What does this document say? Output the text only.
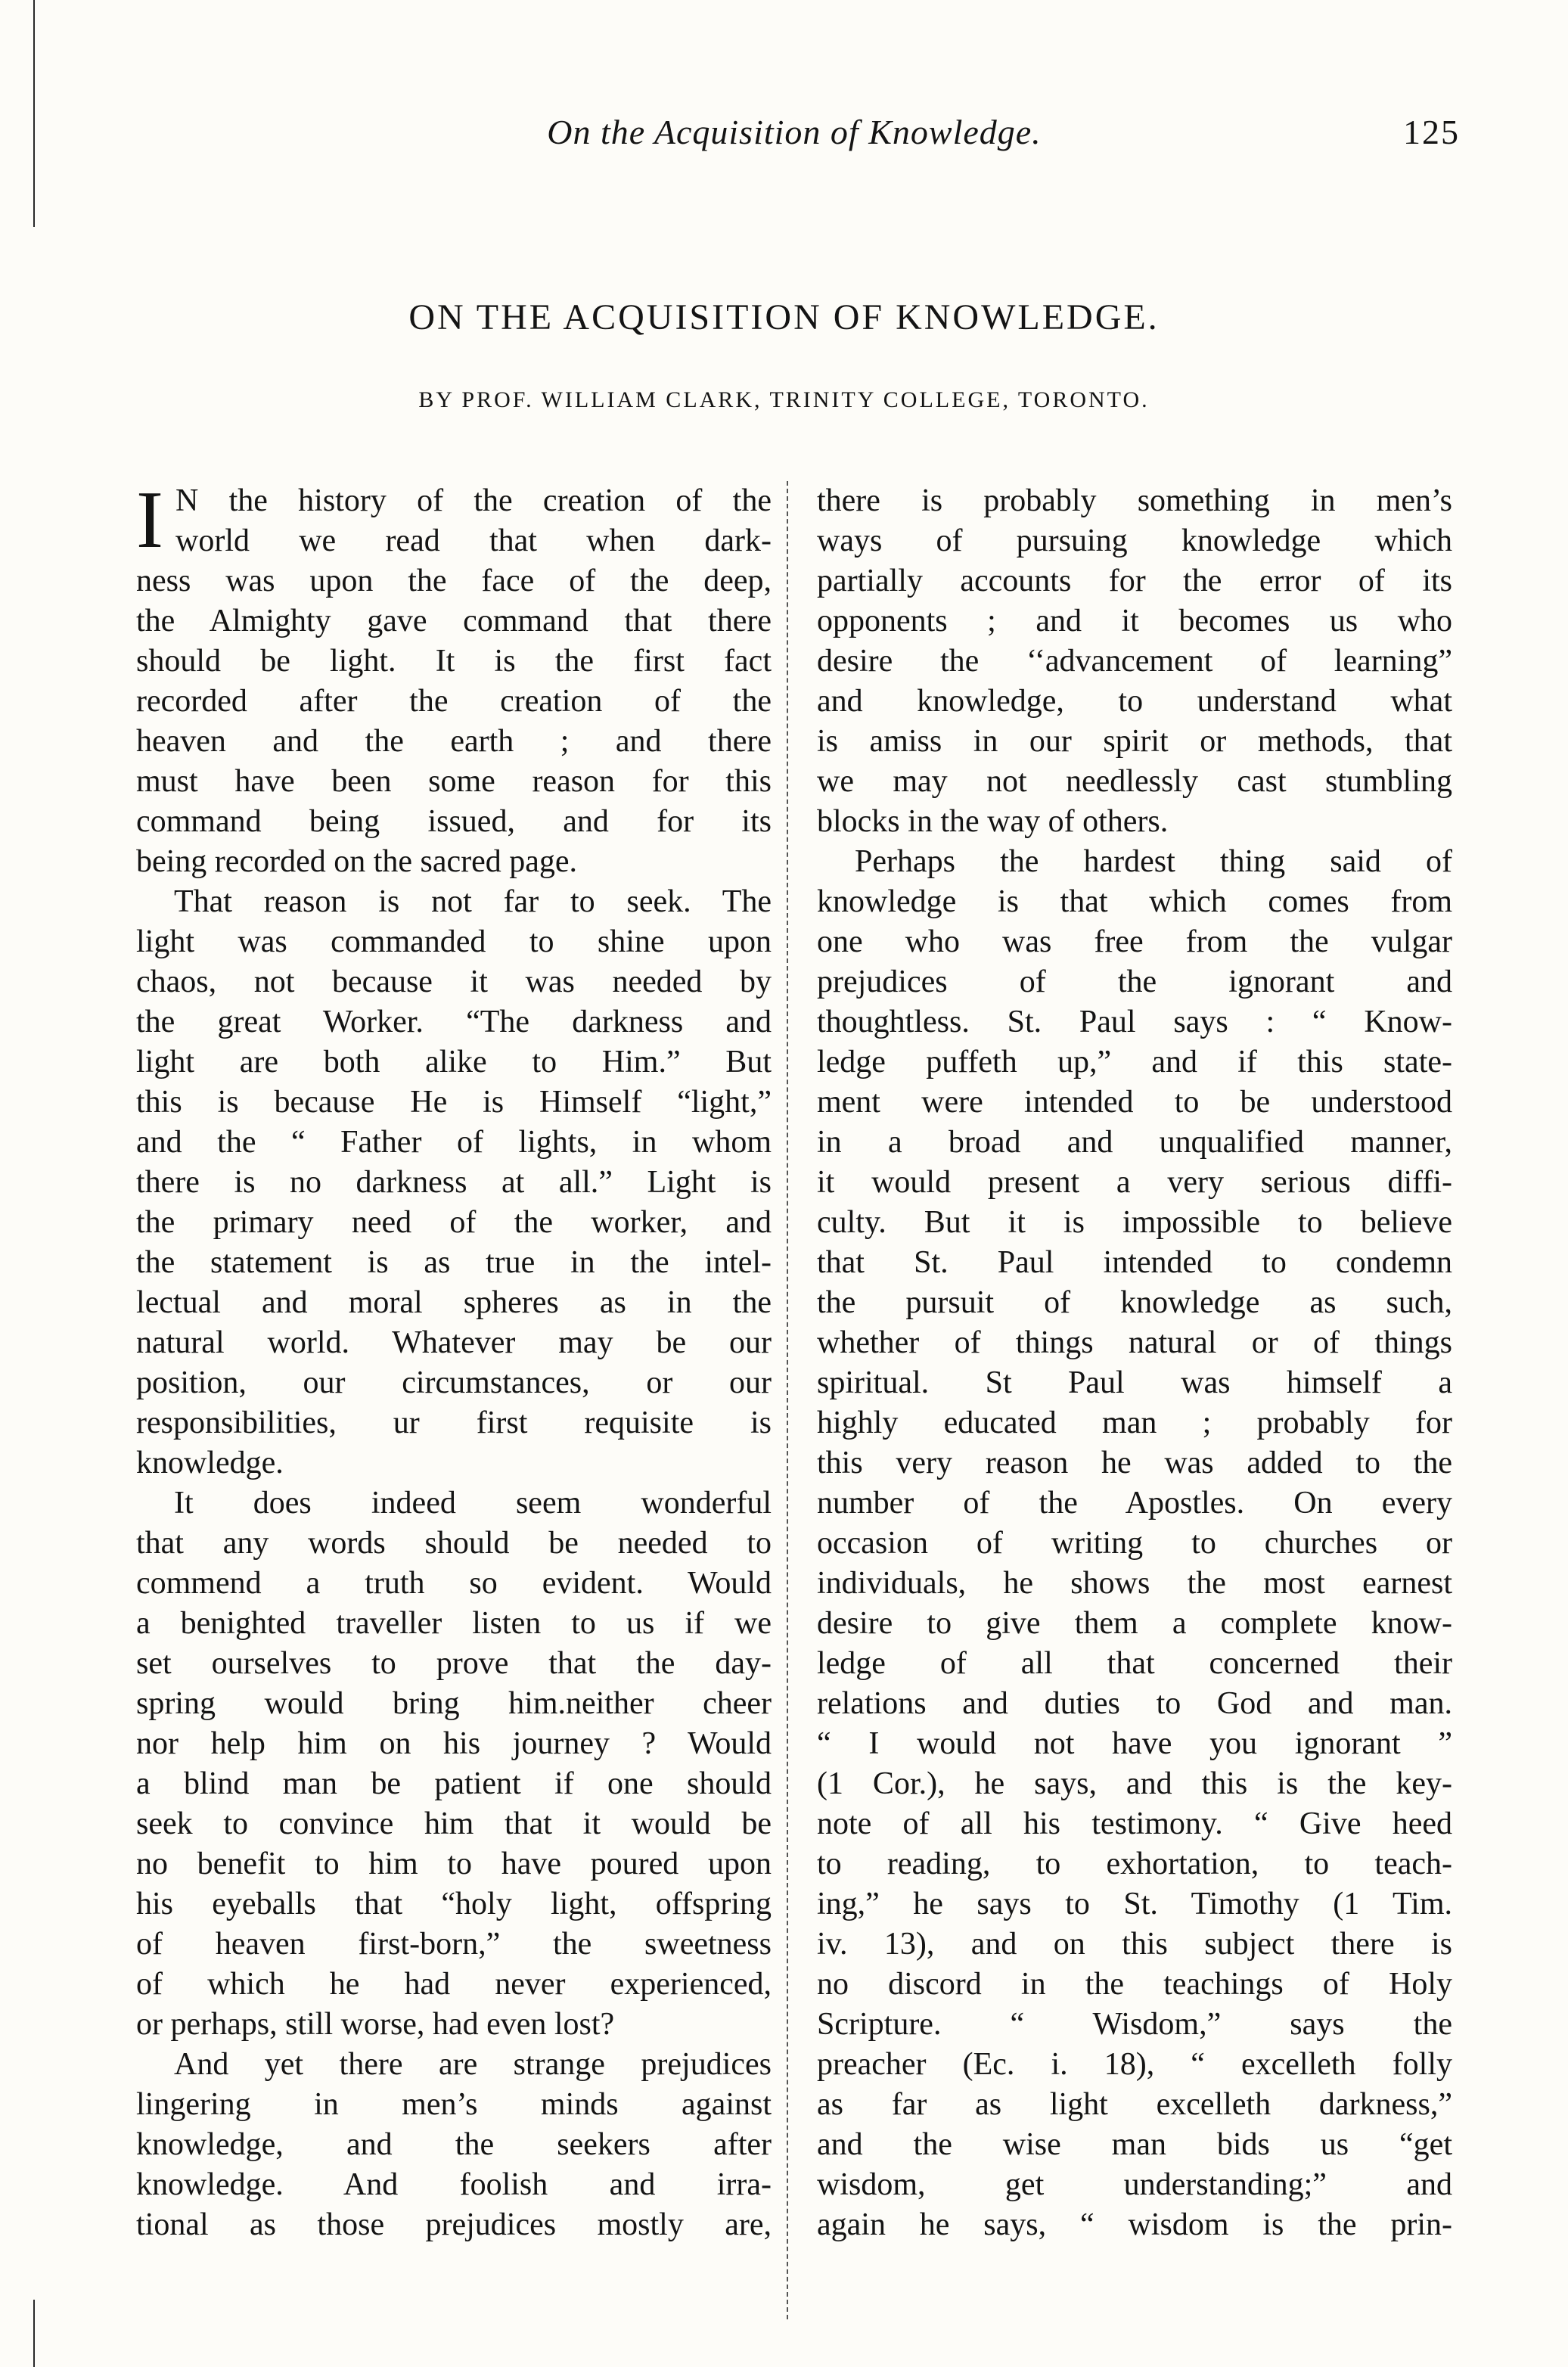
On the Acquisition of Knowledge.	125
ON THE ACQUISITION OF KNOWLEDGE.
BY PROF. WILLIAM CLARK, TRINITY COLLEGE, TORONTO.
I N the history of the creation of the
world we read that when dark-
ness was upon the face of the deep,
the Almighty gave command that there
should be light. It is the first fact
recorded after the creation of the
heaven and the earth ; and there
must have been some reason for this
command being issued, and for its
being recorded on the sacred page.
That reason is not far to seek. The
light was commanded to shine upon
chaos, not because it was needed by
the great Worker. “The darkness and
light are both alike to Him.” But
this is because He is Himself “light,”
and the “ Father of lights, in whom
there is no darkness at all.” Light is
the primary need of the worker, and
the statement is as true in the intel-
lectual and moral spheres as in the
natural world. Whatever may be our
position, our circumstances, or our
responsibilities, ur first requisite is
knowledge.
It does indeed seem wonderful
that any words should be needed to
commend a truth so evident. Would
a benighted traveller listen to us if we
set ourselves to prove that the day-
spring would bring him.neither cheer
nor help him on his journey ? Would
a blind man be patient if one should
seek to convince him that it would be
no benefit to him to have poured upon
his eyeballs that “holy light, offspring
of heaven first-born,” the sweetness
of which he had never experienced,
or perhaps, still worse, had even lost?
And yet there are strange prejudices
lingering in men’s minds against
knowledge, and the seekers after
knowledge. And foolish and irra-
tional as those prejudices mostly are,
there is probably something in men’s
ways of pursuing knowledge which
partially accounts for the error of its
opponents ; and it becomes us who
desire the ‘‘advancement of learning”
and knowledge, to understand what
is amiss in our spirit or methods, that
we may not needlessly cast stumbling
blocks in the way of others.
Perhaps the hardest thing said of
knowledge is that which comes from
one who was free from the vulgar
prejudices of the ignorant and
thoughtless. St. Paul says : “ Know-
ledge puffeth up,” and if this state-
ment were intended to be understood
in a broad and unqualified manner,
it would present a very serious diffi-
culty. But it is impossible to believe
that St. Paul intended to condemn
the pursuit of knowledge as such,
whether of things natural or of things
spiritual. St Paul was himself a
highly educated man ; probably for
this very reason he was added to the
number of the Apostles. On every
occasion of writing to churches or
individuals, he shows the most earnest
desire to give them a complete know-
ledge of all that concerned their
relations and duties to God and man.
“ I would not have you ignorant ”
(1 Cor.), he says, and this is the key-
note of all his testimony. “ Give heed
to reading, to exhortation, to teach-
ing,” he says to St. Timothy (1 Tim.
iv. 13), and on this subject there is
no discord in the teachings of Holy
Scripture. “ Wisdom,” says the
preacher (Ec. i. 18), “ excelleth folly
as far as light excelleth darkness,”
and the wise man bids us “get
wisdom, get understanding;” and
again he says, “ wisdom is the prin-
